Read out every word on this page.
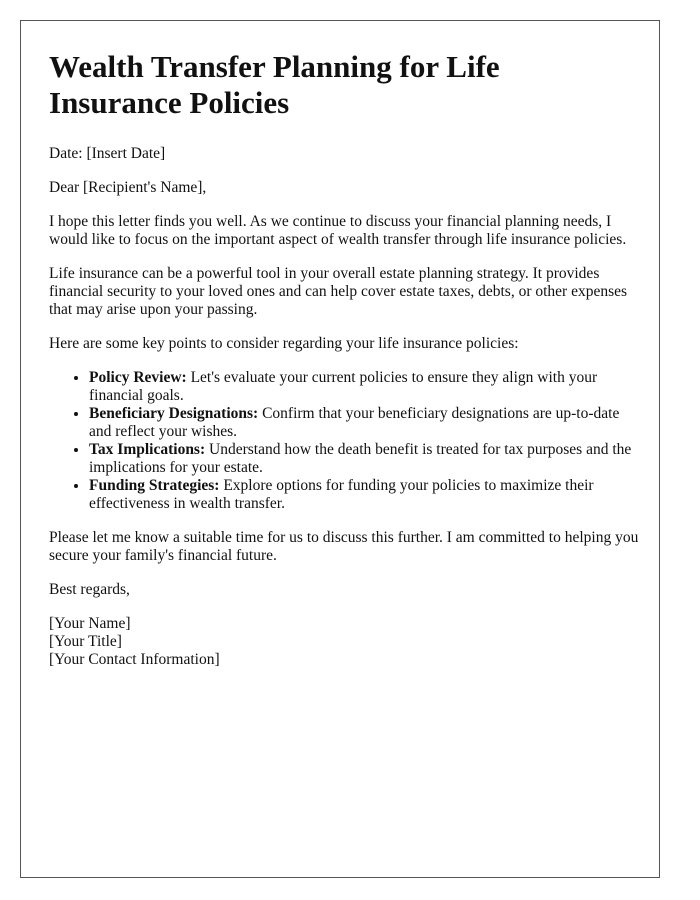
Wealth Transfer Planning for Life Insurance Policies

Date: [Insert Date]

Dear [Recipient's Name],

I hope this letter finds you well. As we continue to discuss your financial planning needs, I would like to focus on the important aspect of wealth transfer through life insurance policies.

Life insurance can be a powerful tool in your overall estate planning strategy. It provides financial security to your loved ones and can help cover estate taxes, debts, or other expenses that may arise upon your passing.

Here are some key points to consider regarding your life insurance policies:

• Policy Review: Let's evaluate your current policies to ensure they align with your financial goals.
• Beneficiary Designations: Confirm that your beneficiary designations are up-to-date and reflect your wishes.
• Tax Implications: Understand how the death benefit is treated for tax purposes and the implications for your estate.
• Funding Strategies: Explore options for funding your policies to maximize their effectiveness in wealth transfer.

Please let me know a suitable time for us to discuss this further. I am committed to helping you secure your family's financial future.

Best regards,

[Your Name]
[Your Title]
[Your Contact Information]
